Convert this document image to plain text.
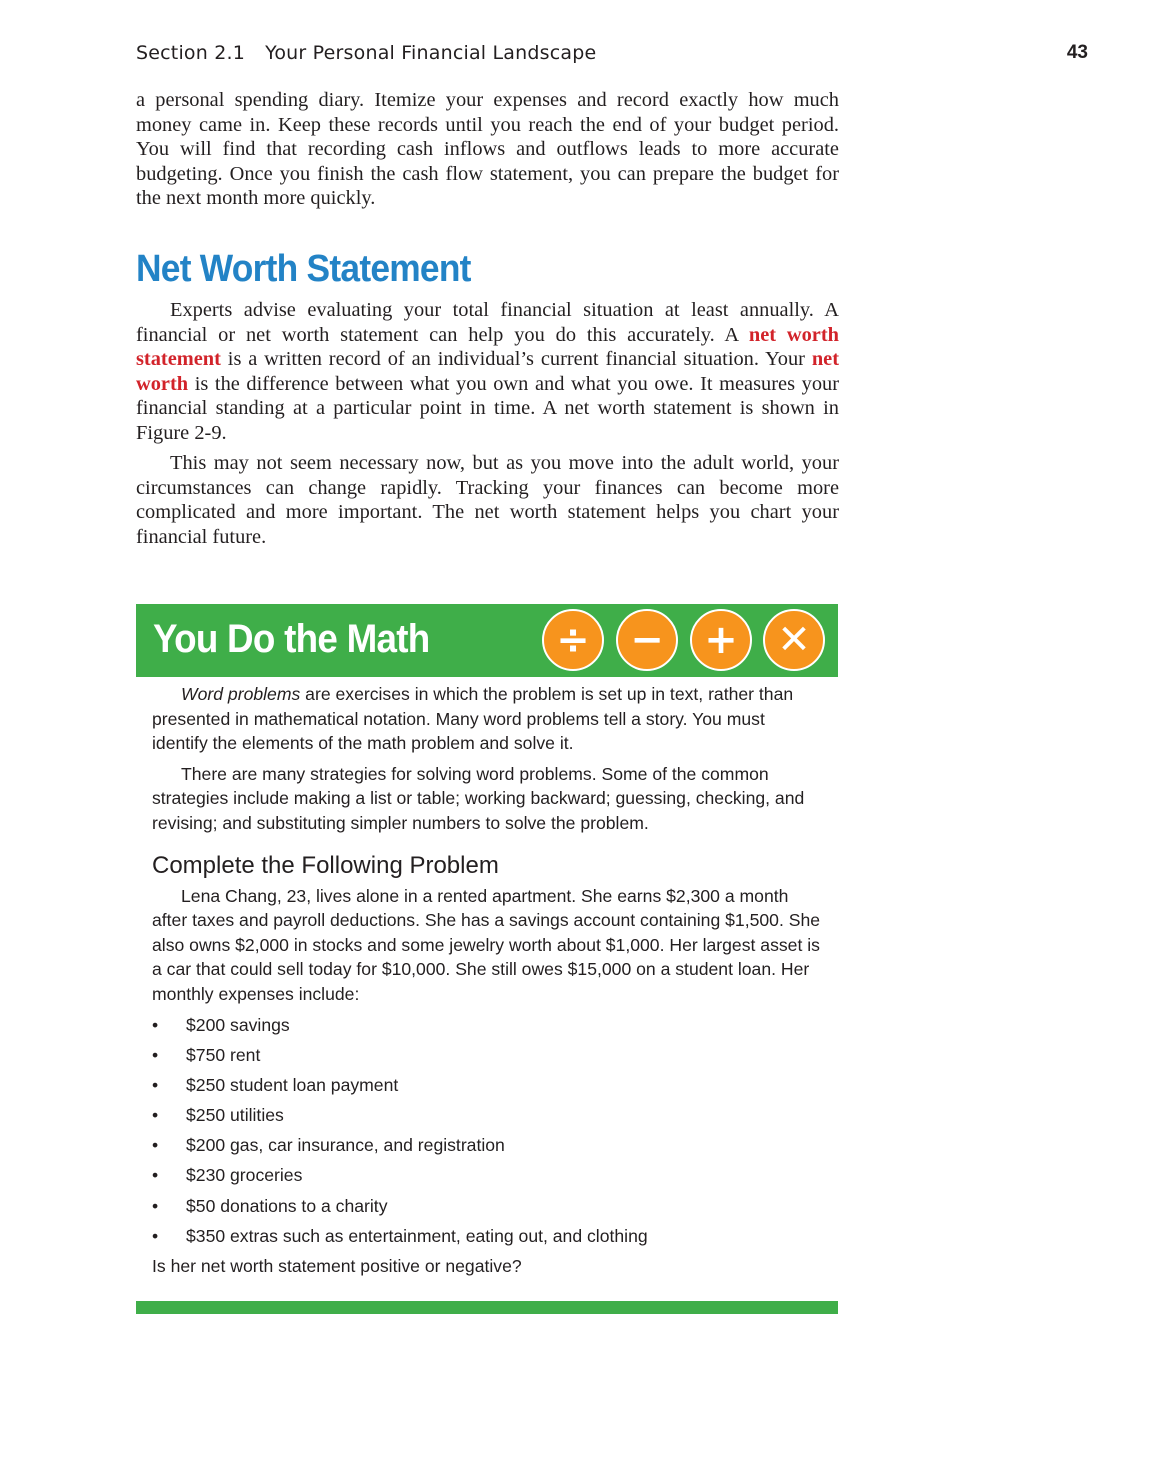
Section 2.1 Your Personal Financial Landscape	43

a personal spending diary. Itemize your expenses and record exactly how much money came in. Keep these records until you reach the end of your budget period. You will find that recording cash inflows and outflows leads to more accurate budgeting. Once you finish the cash flow statement, you can prepare the budget for the next month more quickly.

Net Worth Statement

Experts advise evaluating your total financial situation at least annually. A financial or net worth statement can help you do this accurately. A net worth statement is a written record of an individual’s current financial situation. Your net worth is the difference between what you own and what you owe. It measures your financial standing at a particular point in time. A net worth statement is shown in Figure 2-9.

This may not seem necessary now, but as you move into the adult world, your circumstances can change rapidly. Tracking your finances can become more complicated and more important. The net worth statement helps you chart your financial future.

You Do the Math	÷	−	+ ✕

Word problems are exercises in which the problem is set up in text, rather than presented in mathematical notation. Many word problems tell a story. You must identify the elements of the math problem and solve it.

There are many strategies for solving word problems. Some of the common strategies include making a list or table; working backward; guessing, checking, and revising; and substituting simpler numbers to solve the problem.

Complete the Following Problem

Lena Chang, 23, lives alone in a rented apartment. She earns $2,300 a month after taxes and payroll deductions. She has a savings account containing $1,500. She also owns $2,000 in stocks and some jewelry worth about $1,000. Her largest asset is a car that could sell today for $10,000. She still owes $15,000 on a student loan. Her monthly expenses include:

• $200 savings
• $750 rent
• $250 student loan payment
• $250 utilities
• $200 gas, car insurance, and registration
• $230 groceries
• $50 donations to a charity
• $350 extras such as entertainment, eating out, and clothing

Is her net worth statement positive or negative?
